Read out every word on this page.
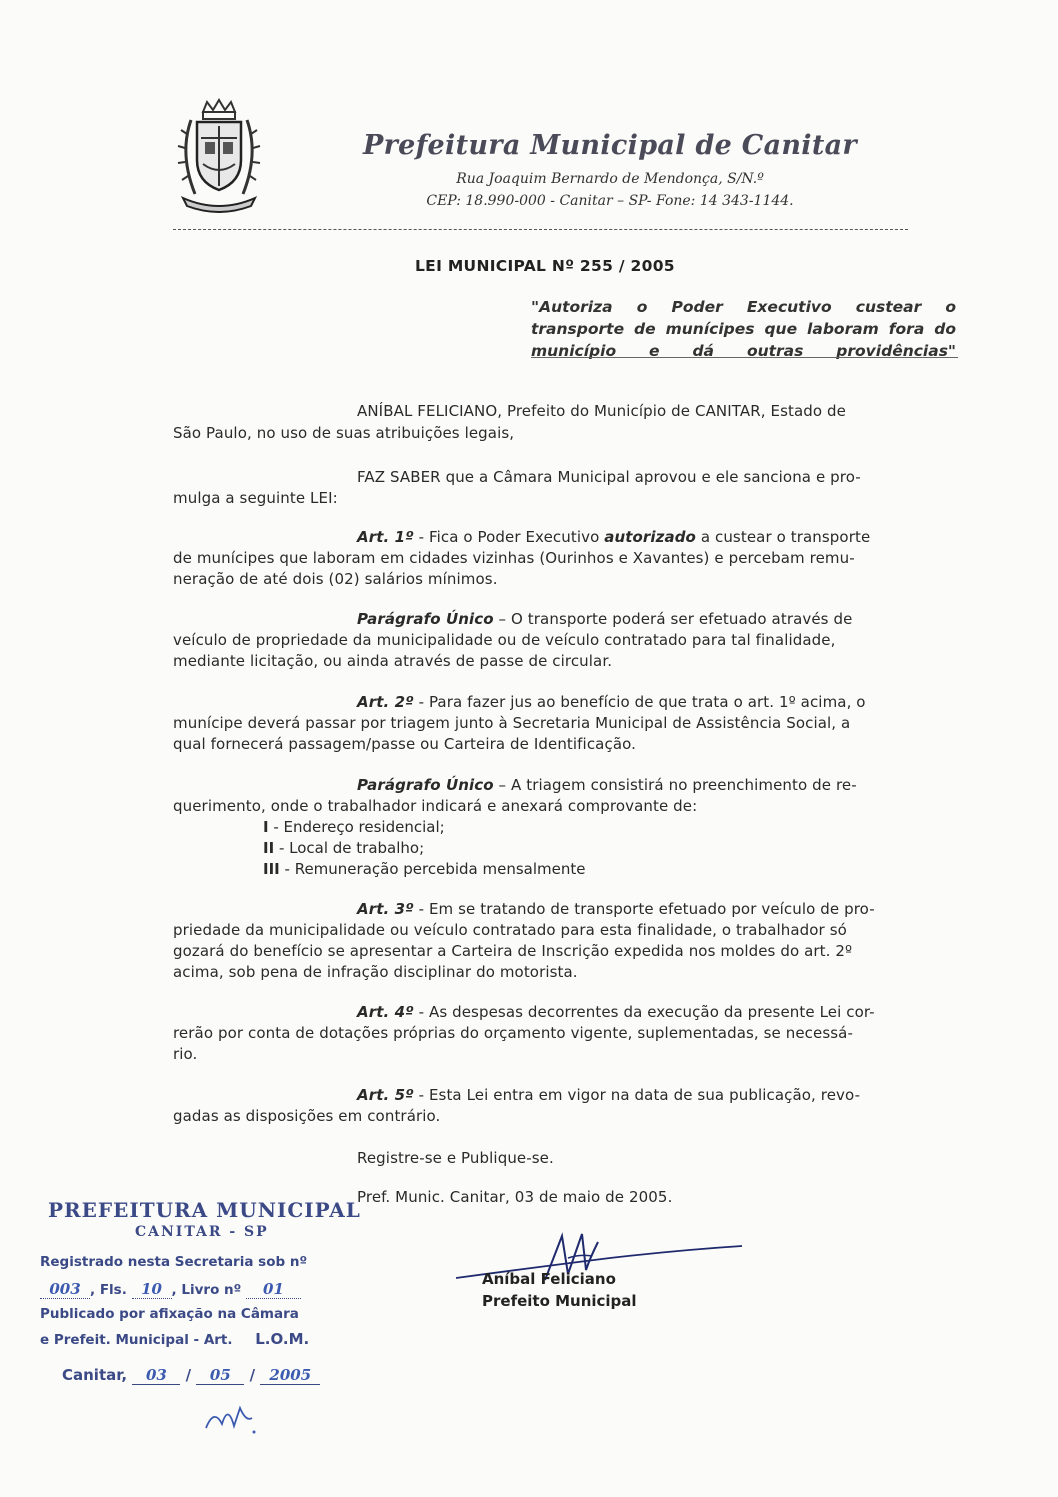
Prefeitura Municipal de Canitar
Rua Joaquim Bernardo de Mendonça, S/N.º
CEP: 18.990-000 - Canitar – SP- Fone: 14 343-1144.
LEI MUNICIPAL Nº 255 / 2005
"Autoriza o Poder Executivo custear o transporte de munícipes que laboram fora do município e dá outras providências"
ANÍBAL FELICIANO, Prefeito do Município de CANITAR, Estado de
São Paulo, no uso de suas atribuições legais,
FAZ SABER que a Câmara Municipal aprovou e ele sanciona e pro-
mulga a seguinte LEI:
Art. 1º - Fica o Poder Executivo autorizado a custear o transporte
de munícipes que laboram em cidades vizinhas (Ourinhos e Xavantes) e percebam remu-
neração de até dois (02) salários mínimos.
Parágrafo Único – O transporte poderá ser efetuado através de
veículo de propriedade da municipalidade ou de veículo contratado para tal finalidade,
mediante licitação, ou ainda através de passe de circular.
Art. 2º - Para fazer jus ao benefício de que trata o art. 1º acima, o
munícipe deverá passar por triagem junto à Secretaria Municipal de Assistência Social, a
qual fornecerá passagem/passe ou Carteira de Identificação.
Parágrafo Único – A triagem consistirá no preenchimento de re-
querimento, onde o trabalhador indicará e anexará comprovante de:
I - Endereço residencial;
II - Local de trabalho;
III - Remuneração percebida mensalmente
Art. 3º - Em se tratando de transporte efetuado por veículo de pro-
priedade da municipalidade ou veículo contratado para esta finalidade, o trabalhador só
gozará do benefício se apresentar a Carteira de Inscrição expedida nos moldes do art. 2º
acima, sob pena de infração disciplinar do motorista.
Art. 4º - As despesas decorrentes da execução da presente Lei cor-
rerão por conta de dotações próprias do orçamento vigente, suplementadas, se necessá-
rio.
Art. 5º - Esta Lei entra em vigor na data de sua publicação, revo-
gadas as disposições em contrário.
Registre-se e Publique-se.
Pref. Munic. Canitar, 03 de maio de 2005.
Aníbal Feliciano
Prefeito Municipal
PREFEITURA MUNICIPAL
CANITAR - SP
Registrado nesta Secretaria sob nº
003 , Fls. 10 , Livro nº 01
Publicado por afixação na Câmara
e Prefeit. Municipal - Art. L.O.M.
Canitar, 03 / 05 / 2005
